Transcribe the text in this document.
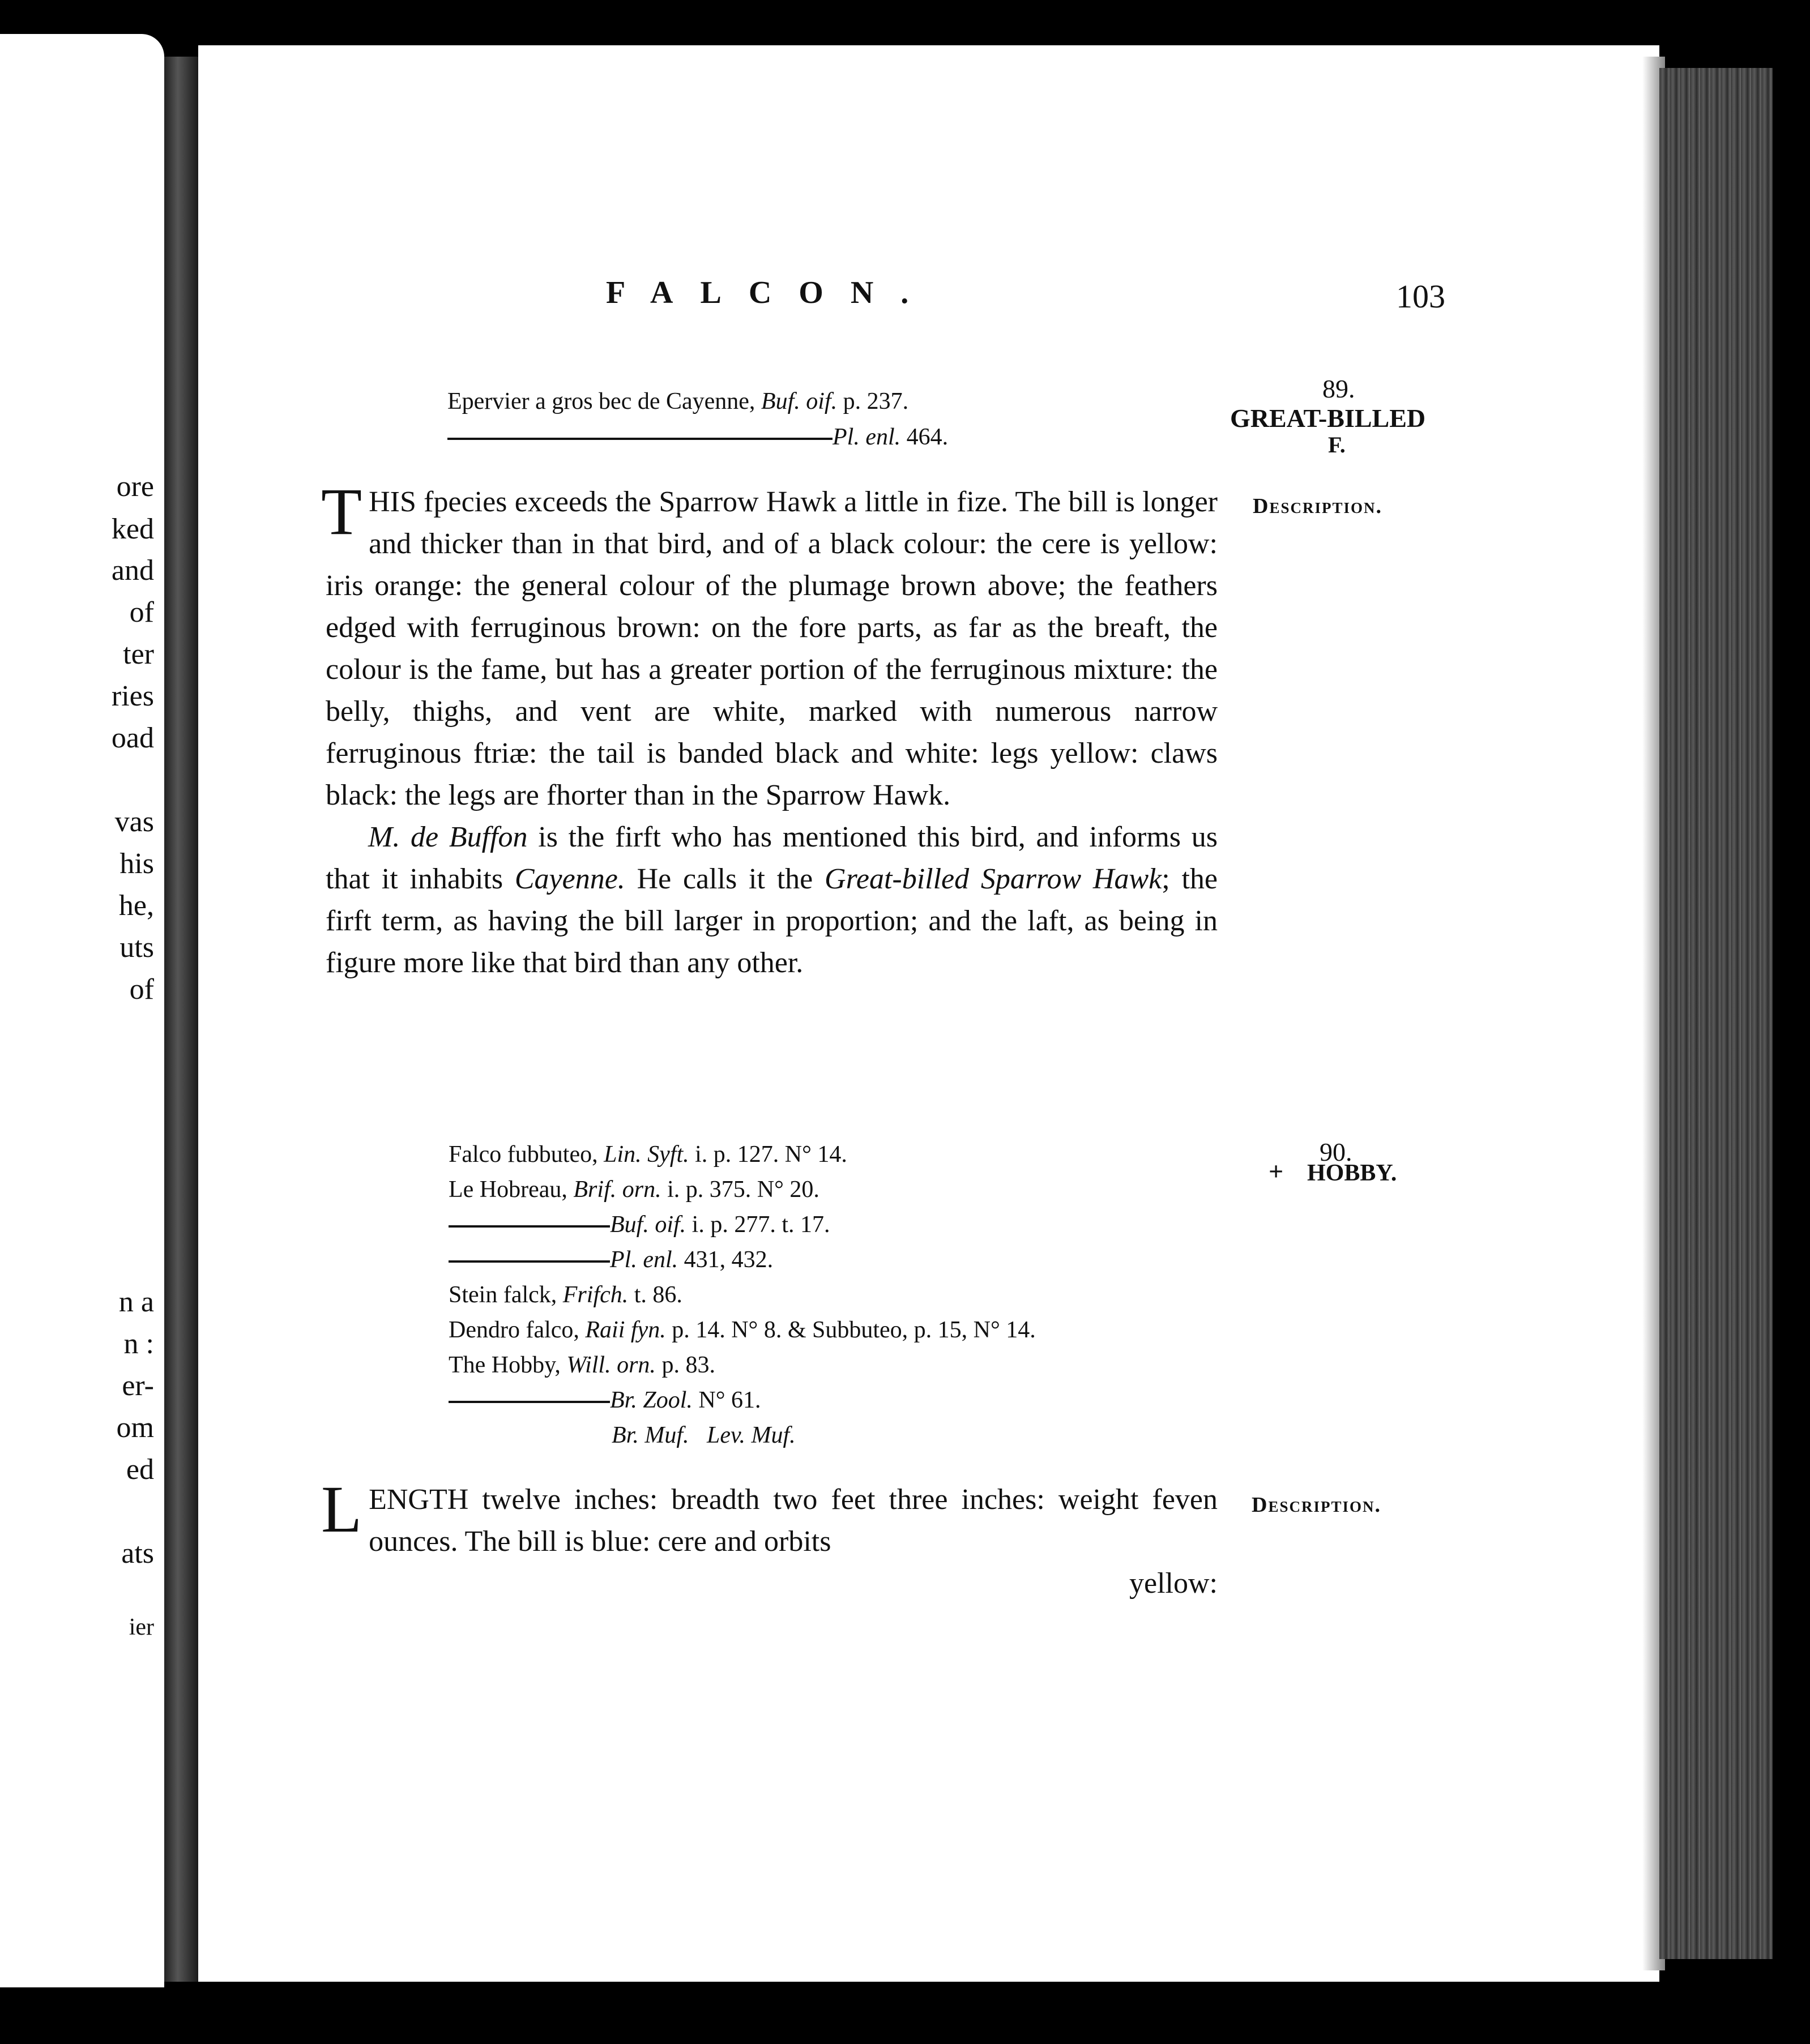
ore
ked
and
of
ter
ries
oad
vas
his
he,
uts
of
n a
n :
er-
om
ed
ats
ier
FALCON.	103
89.
GREAT-BILLED
F.
Epervier a gros bec de Cayenne, Buf. oif. p. 237.
Pl. enl. 464.
Description.

THIS fpecies exceeds the Sparrow Hawk a little in fize. The bill is longer and thicker than in that bird, and of a black colour: the cere is yellow: iris orange: the general colour of the plumage brown above; the feathers edged with ferruginous brown: on the fore parts, as far as the breaft, the colour is the fame, but has a greater portion of the ferruginous mixture: the belly, thighs, and vent are white, marked with numerous narrow ferruginous ftriæ: the tail is banded black and white: legs yellow: claws black: the legs are fhorter than in the Sparrow Hawk.

M. de Buffon is the firft who has mentioned this bird, and informs us that it inhabits Cayenne. He calls it the Great-billed Sparrow Hawk; the firft term, as having the bill larger in proportion; and the laft, as being in figure more like that bird than any other.

90.
+ HOBBY.
Falco fubbuteo, Lin. Syft. i. p. 127. N° 14.
Le Hobreau, Brif. orn. i. p. 375. N° 20.
Buf. oif. i. p. 277. t. 17.
Pl. enl. 431, 432.
Stein falck, Frifch. t. 86.
Dendro falco, Raii fyn. p. 14. N° 8. & Subbuteo, p. 15, N° 14.
The Hobby, Will. orn. p. 83.
Br. Zool. N° 61.
Br. Muf.   Lev. Muf.
Description.

LENGTH twelve inches: breadth two feet three inches: weight feven ounces. The bill is blue: cere and orbits

yellow:
